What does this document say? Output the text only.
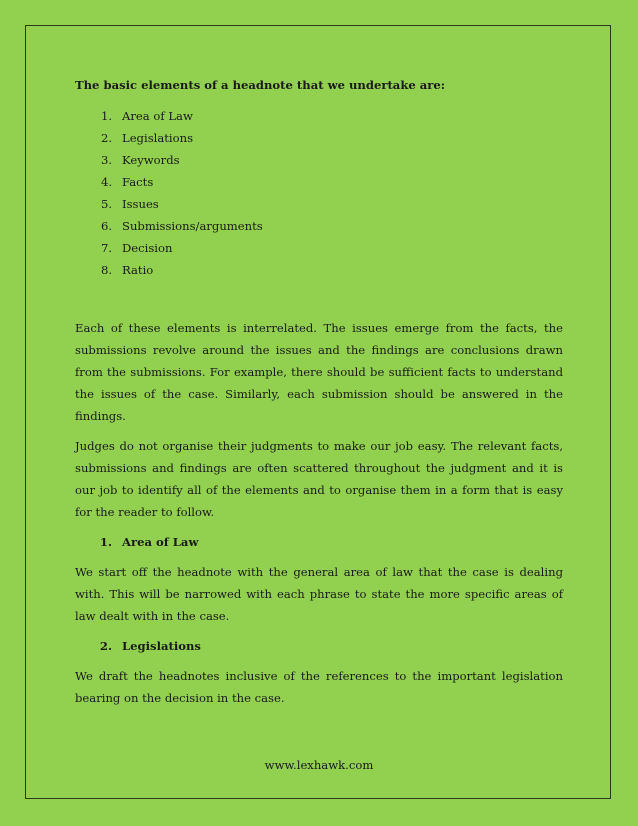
The basic elements of a headnote that we undertake are:

1. Area of Law
2. Legislations
3. Keywords
4. Facts
5. Issues
6. Submissions/arguments
7. Decision
8. Ratio

Each of these elements is interrelated. The issues emerge from the facts, the submissions revolve around the issues and the findings are conclusions drawn from the submissions. For example, there should be sufficient facts to understand the issues of the case. Similarly, each submission should be answered in the findings.

Judges do not organise their judgments to make our job easy. The relevant facts, submissions and findings are often scattered throughout the judgment and it is our job to identify all of the elements and to organise them in a form that is easy for the reader to follow.

1. Area of Law

We start off the headnote with the general area of law that the case is dealing with. This will be narrowed with each phrase to state the more specific areas of law dealt with in the case.

2. Legislations

We draft the headnotes inclusive of the references to the important legislation bearing on the decision in the case.

www.lexhawk.com
